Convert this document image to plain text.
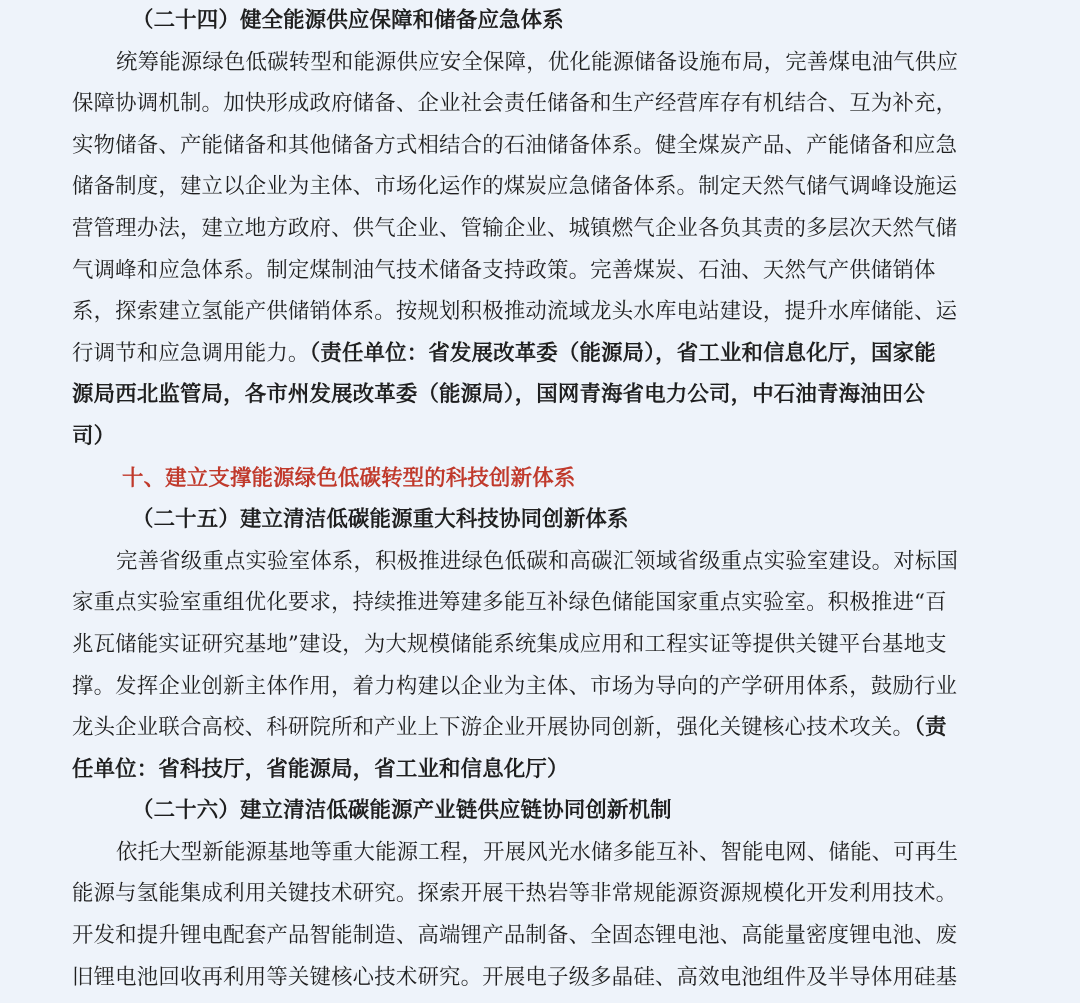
（二十四）健全能源供应保障和储备应急体系
统筹能源绿色低碳转型和能源供应安全保障，优化能源储备设施布局，完善煤电油气供应
保障协调机制。加快形成政府储备、企业社会责任储备和生产经营库存有机结合、互为补充，
实物储备、产能储备和其他储备方式相结合的石油储备体系。健全煤炭产品、产能储备和应急
储备制度，建立以企业为主体、市场化运作的煤炭应急储备体系。制定天然气储气调峰设施运
营管理办法，建立地方政府、供气企业、管输企业、城镇燃气企业各负其责的多层次天然气储
气调峰和应急体系。制定煤制油气技术储备支持政策。完善煤炭、石油、天然气产供储销体
系，探索建立氢能产供储销体系。按规划积极推动流域龙头水库电站建设，提升水库储能、运
行调节和应急调用能力。（责任单位：省发展改革委（能源局），省工业和信息化厅，国家能
源局西北监管局，各市州发展改革委（能源局），国网青海省电力公司，中石油青海油田公
司）
十、建立支撑能源绿色低碳转型的科技创新体系
（二十五）建立清洁低碳能源重大科技协同创新体系
完善省级重点实验室体系，积极推进绿色低碳和高碳汇领域省级重点实验室建设。对标国
家重点实验室重组优化要求，持续推进筹建多能互补绿色储能国家重点实验室。积极推进“百
兆瓦储能实证研究基地”建设，为大规模储能系统集成应用和工程实证等提供关键平台基地支
撑。发挥企业创新主体作用，着力构建以企业为主体、市场为导向的产学研用体系，鼓励行业
龙头企业联合高校、科研院所和产业上下游企业开展协同创新，强化关键核心技术攻关。（责
任单位：省科技厅，省能源局，省工业和信息化厅）
（二十六）建立清洁低碳能源产业链供应链协同创新机制
依托大型新能源基地等重大能源工程，开展风光水储多能互补、智能电网、储能、可再生
能源与氢能集成利用关键技术研究。探索开展干热岩等非常规能源资源规模化开发利用技术。
开发和提升锂电配套产品智能制造、高端锂产品制备、全固态锂电池、高能量密度锂电池、废
旧锂电池回收再利用等关键核心技术研究。开展电子级多晶硅、高效电池组件及半导体用硅基
